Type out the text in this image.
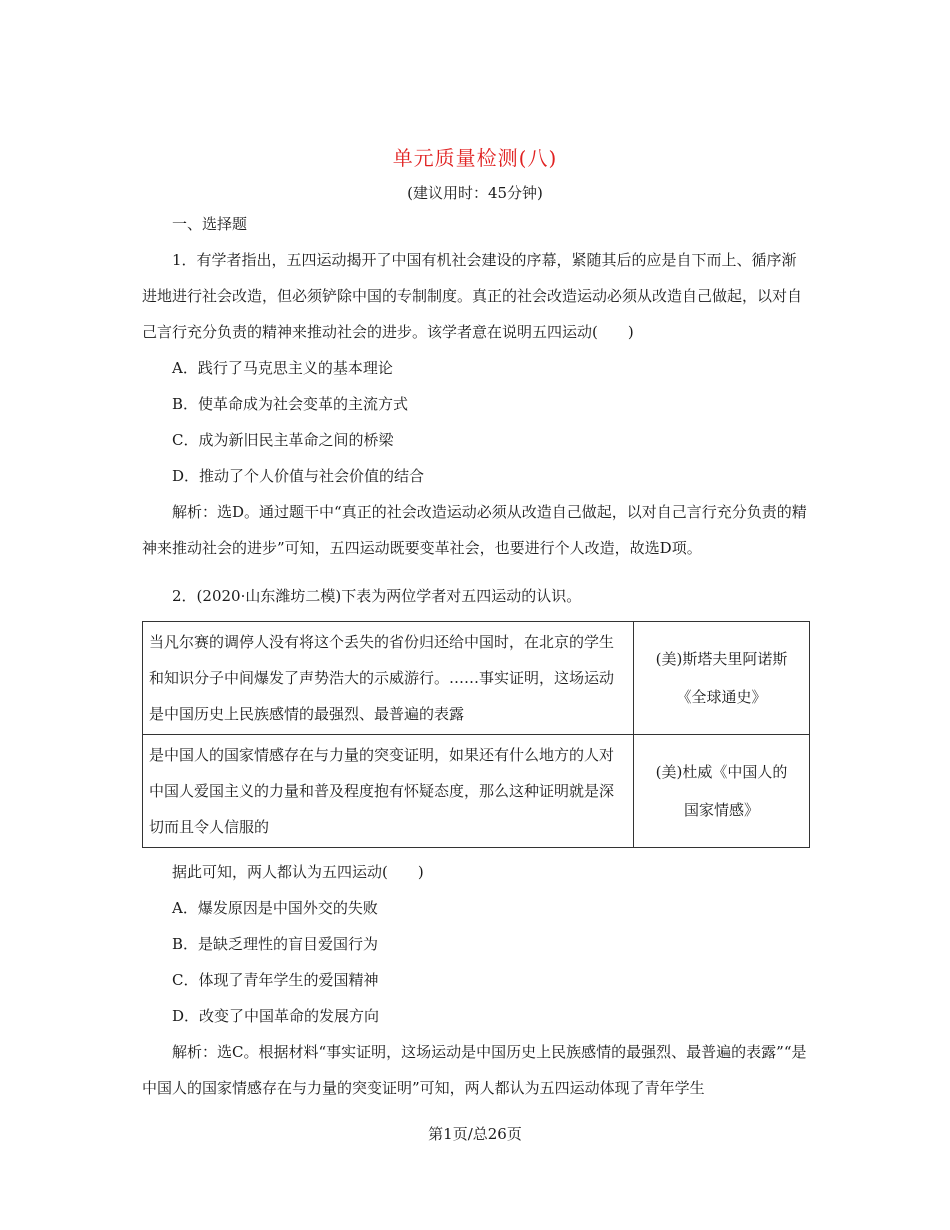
单元质量检测(八)
(建议用时：45分钟)
一、选择题

1．有学者指出，五四运动揭开了中国有机社会建设的序幕，紧随其后的应是自下而上、循序渐进地进行社会改造，但必须铲除中国的专制制度。真正的社会改造运动必须从改造自己做起，以对自己言行充分负责的精神来推动社会的进步。该学者意在说明五四运动(　　)

A．践行了马克思主义的基本理论

B．使革命成为社会变革的主流方式

C．成为新旧民主革命之间的桥梁

D．推动了个人价值与社会价值的结合

解析：选D。通过题干中“真正的社会改造运动必须从改造自己做起，以对自己言行充分负责的精神来推动社会的进步”可知，五四运动既要变革社会，也要进行个人改造，故选D项。

2．(2020·山东潍坊二模)下表为两位学者对五四运动的认识。

当凡尔赛的调停人没有将这个丢失的省份归还给中国时，在北京的学生和知识分子中间爆发了声势浩大的示威游行。……事实证明，这场运动是中国历史上民族感情的最强烈、最普遍的表露	(美)斯塔夫里阿诺斯
《全球通史》

是中国人的国家情感存在与力量的突变证明，如果还有什么地方的人对中国人爱国主义的力量和普及程度抱有怀疑态度，那么这种证明就是深切而且令人信服的	(美)杜威《中国人的
国家情感》

据此可知，两人都认为五四运动(　　)

A．爆发原因是中国外交的失败

B．是缺乏理性的盲目爱国行为

C．体现了青年学生的爱国精神

D．改变了中国革命的发展方向

解析：选C。根据材料“事实证明，这场运动是中国历史上民族感情的最强烈、最普遍的表露”“是中国人的国家情感存在与力量的突变证明”可知，两人都认为五四运动体现了青年学生

第1页/总26页
